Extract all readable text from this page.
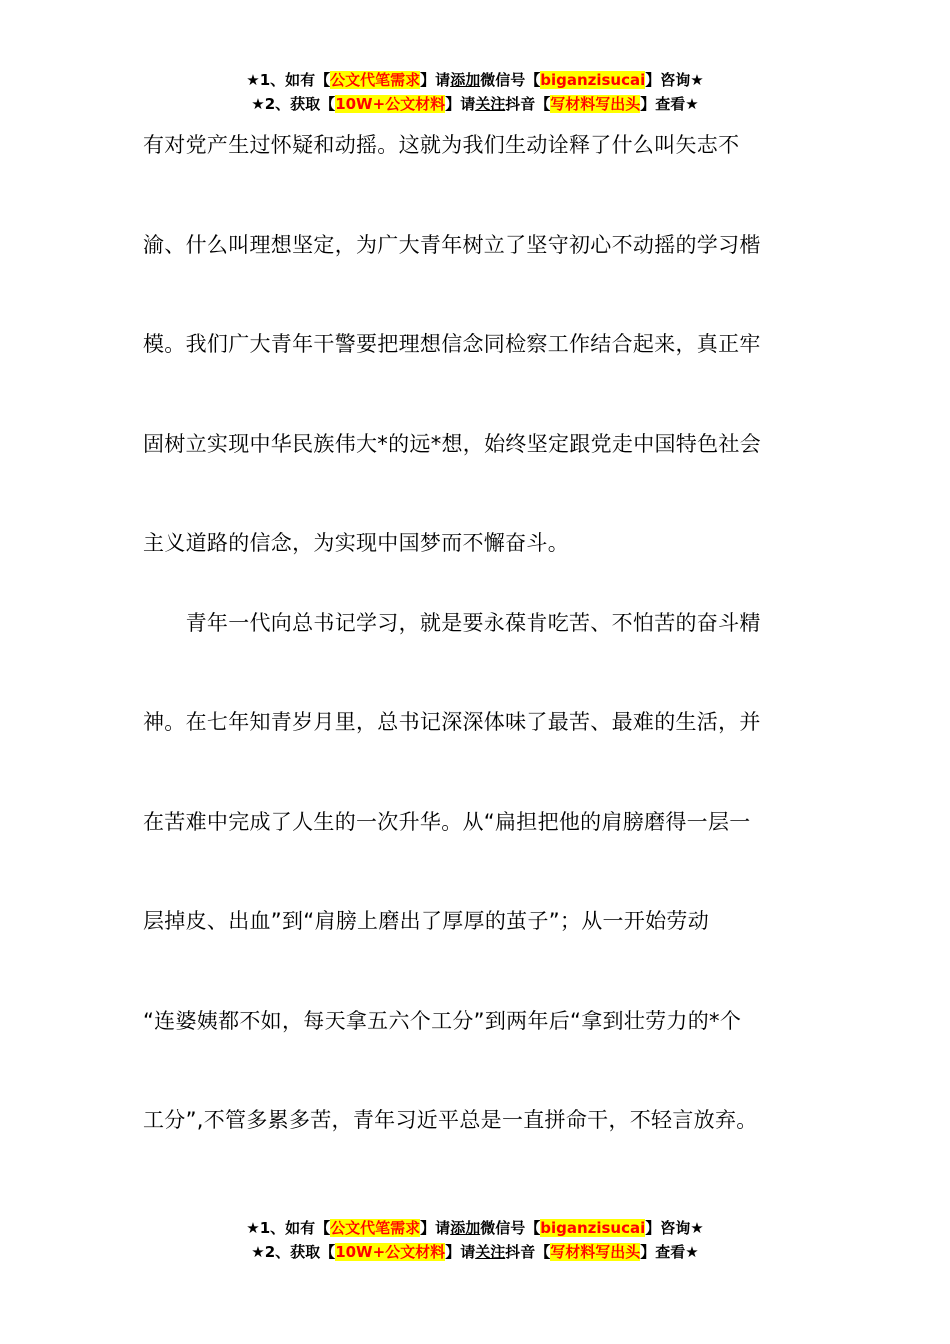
★1、如有【公文代笔需求】请添加微信号【biganzisucai】咨询★
★2、获取【10W+公文材料】请关注抖音【写材料写出头】查看★
有对党产生过怀疑和动摇。这就为我们生动诠释了什么叫矢志不
渝、什么叫理想坚定，为广大青年树立了坚守初心不动摇的学习楷
模。我们广大青年干警要把理想信念同检察工作结合起来，真正牢
固树立实现中华民族伟大*的远*想，始终坚定跟党走中国特色社会
主义道路的信念，为实现中国梦而不懈奋斗。
　　青年一代向总书记学习，就是要永葆肯吃苦、不怕苦的奋斗精
神。在七年知青岁月里，总书记深深体味了最苦、最难的生活，并
在苦难中完成了人生的一次升华。从“扁担把他的肩膀磨得一层一
层掉皮、出血”到“肩膀上磨出了厚厚的茧子”；从一开始劳动
“连婆姨都不如，每天拿五六个工分”到两年后“拿到壮劳力的*个
工分”,不管多累多苦，青年习近平总是一直拼命干，不轻言放弃。
★1、如有【公文代笔需求】请添加微信号【biganzisucai】咨询★
★2、获取【10W+公文材料】请关注抖音【写材料写出头】查看★
